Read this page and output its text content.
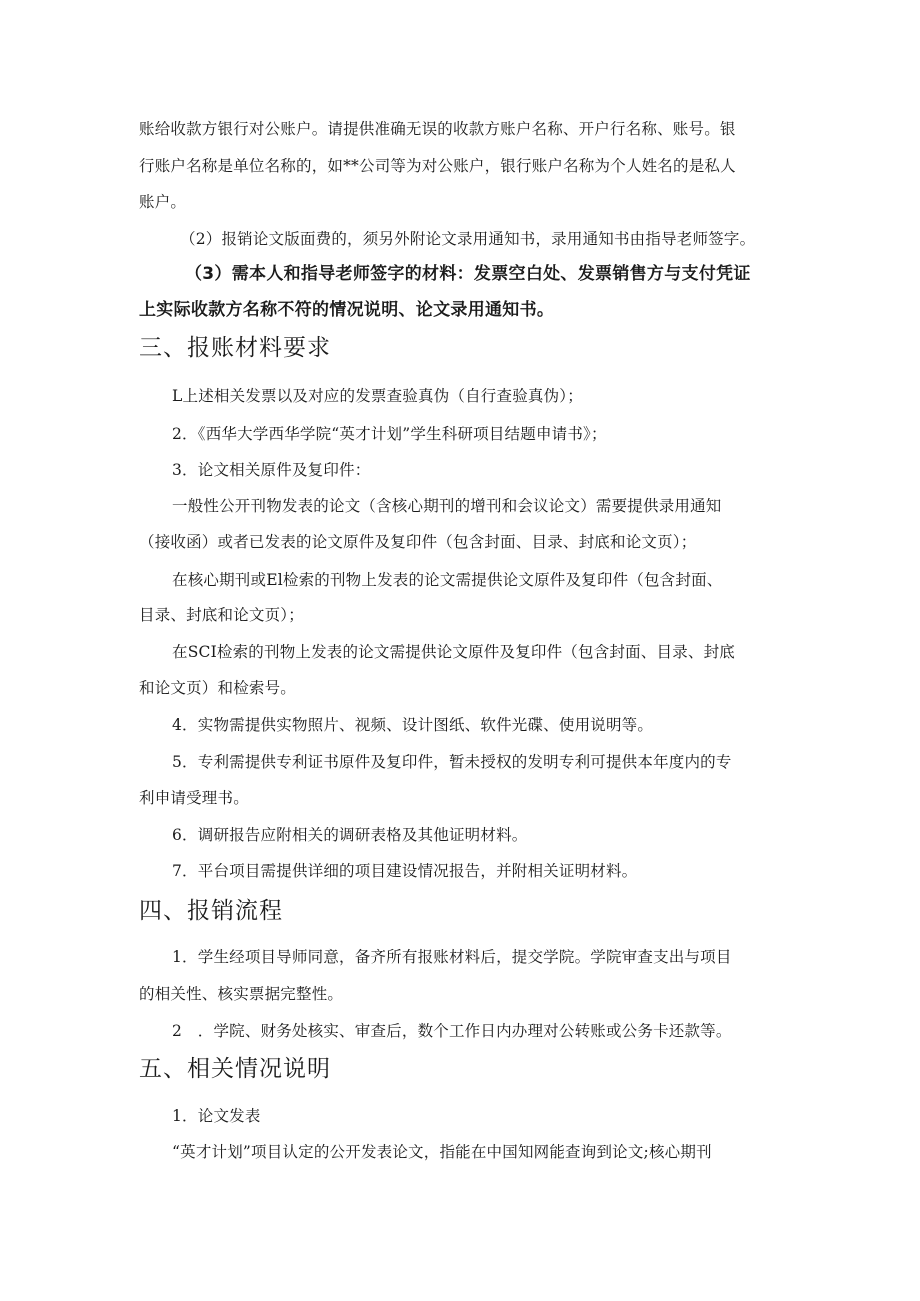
账给收款方银行对公账户。请提供准确无误的收款方账户名称、开户行名称、账号。银
行账户名称是单位名称的，如**公司等为对公账户，银行账户名称为个人姓名的是私人
账户。
（2）报销论文版面费的，须另外附论文录用通知书，录用通知书由指导老师签字。
（3）需本人和指导老师签字的材料：发票空白处、发票销售方与支付凭证
上实际收款方名称不符的情况说明、论文录用通知书。
三、报账材料要求
L上述相关发票以及对应的发票查验真伪（自行查验真伪）；
2．《西华大学西华学院“英才计划”学生科研项目结题申请书》；
3．论文相关原件及复印件：
一般性公开刊物发表的论文（含核心期刊的增刊和会议论文）需要提供录用通知
（接收函）或者已发表的论文原件及复印件（包含封面、目录、封底和论文页）；
在核心期刊或El检索的刊物上发表的论文需提供论文原件及复印件（包含封面、
目录、封底和论文页）；
在SCI检索的刊物上发表的论文需提供论文原件及复印件（包含封面、目录、封底
和论文页）和检索号。
4．实物需提供实物照片、视频、设计图纸、软件光碟、使用说明等。
5．专利需提供专利证书原件及复印件，暂未授权的发明专利可提供本年度内的专
利申请受理书。
6．调研报告应附相关的调研表格及其他证明材料。
7．平台项目需提供详细的项目建设情况报告，并附相关证明材料。
四、报销流程
1．学生经项目导师同意，备齐所有报账材料后，提交学院。学院审查支出与项目
的相关性、核实票据完整性。
2　．学院、财务处核实、审查后，数个工作日内办理对公转账或公务卡还款等。
五、相关情况说明
1．论文发表
“英才计划”项目认定的公开发表论文，指能在中国知网能查询到论文;核心期刊
